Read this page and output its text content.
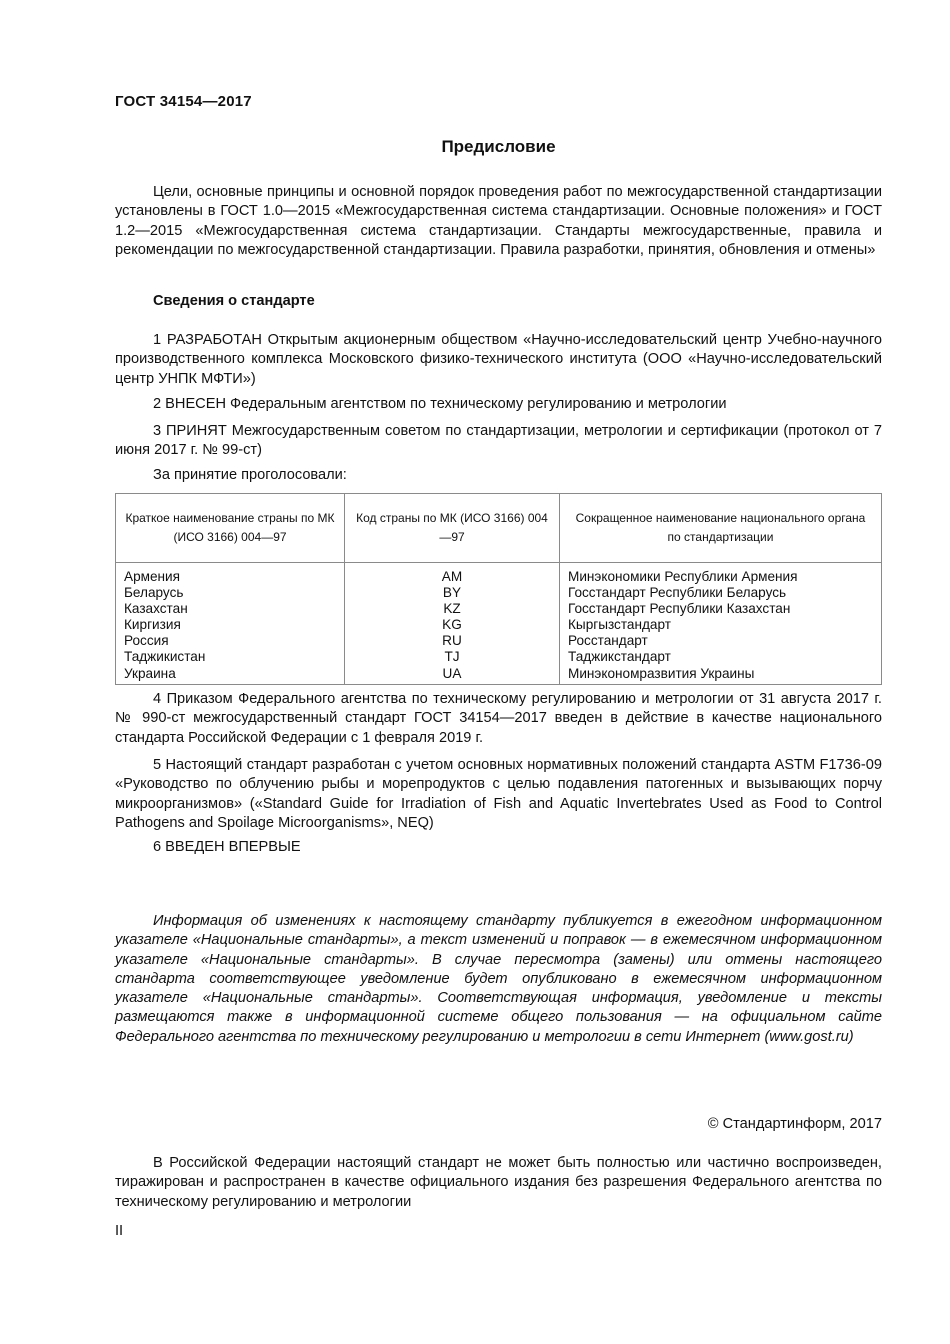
ГОСТ 34154—2017
Предисловие

Цели, основные принципы и основной порядок проведения работ по межгосударственной стандартизации установлены в ГОСТ 1.0—2015 «Межгосударственная система стандартизации. Основные положения» и ГОСТ 1.2—2015 «Межгосударственная система стандартизации. Стандарты межгосударственные, правила и рекомендации по межгосударственной стандартизации. Правила разработки, принятия, обновления и отмены»

Сведения о стандарте

1 РАЗРАБОТАН Открытым акционерным обществом «Научно-исследовательский центр Учебно-научного производственного комплекса Московского физико-технического института (ООО «Научно-исследовательский центр УНПК МФТИ»)

2 ВНЕСЕН Федеральным агентством по техническому регулированию и метрологии

3 ПРИНЯТ Межгосударственным советом по стандартизации, метрологии и сертификации (протокол от 7 июня 2017 г. № 99-ст)

За принятие проголосовали:
Краткое наименование страны по МК (ИСО 3166) 004—97	Код страны по МК (ИСО 3166) 004—97	Сокращенное наименование национального органа по стандартизации
Армения	AM	Минэкономики Республики Армения
Беларусь	BY	Госстандарт Республики Беларусь
Казахстан	KZ	Госстандарт Республики Казахстан
Киргизия	KG	Кыргызстандарт
Россия	RU	Росстандарт
Таджикистан	TJ	Таджикстандарт
Украина	UA	Минэкономразвития Украины

4 Приказом Федерального агентства по техническому регулированию и метрологии от 31 августа 2017 г. № 990-ст межгосударственный стандарт ГОСТ 34154—2017 введен в действие в качестве национального стандарта Российской Федерации с 1 февраля 2019 г.

5 Настоящий стандарт разработан с учетом основных нормативных положений стандарта ASTM F1736-09 «Руководство по облучению рыбы и морепродуктов с целью подавления патогенных и вызывающих порчу микроорганизмов» («Standard Guide for Irradiation of Fish and Aquatic Invertebrates Used as Food to Control Pathogens and Spoilage Microorganisms», NEQ)

6 ВВЕДЕН ВПЕРВЫЕ

Информация об изменениях к настоящему стандарту публикуется в ежегодном информационном указателе «Национальные стандарты», а текст изменений и поправок — в ежемесячном информационном указателе «Национальные стандарты». В случае пересмотра (замены) или отмены настоящего стандарта соответствующее уведомление будет опубликовано в ежемесячном информационном указателе «Национальные стандарты». Соответствующая информация, уведомление и тексты размещаются также в информационной системе общего пользования — на официальном сайте Федерального агентства по техническому регулированию и метрологии в сети Интернет (www.gost.ru)

© Стандартинформ, 2017

В Российской Федерации настоящий стандарт не может быть полностью или частично воспроизведен, тиражирован и распространен в качестве официального издания без разрешения Федерального агентства по техническому регулированию и метрологии

II
